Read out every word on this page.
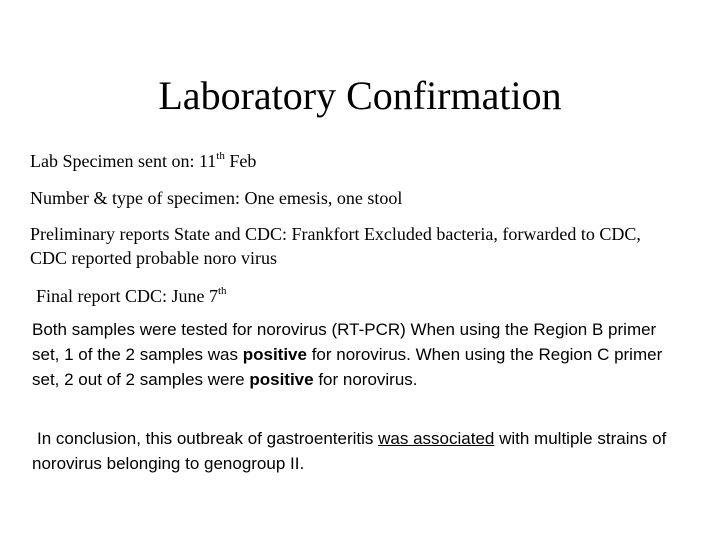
Laboratory Confirmation

Lab Specimen sent on: 11th Feb

Number & type of specimen: One emesis, one stool

Preliminary reports State and CDC: Frankfort Excluded bacteria, forwarded to CDC, CDC reported probable noro virus

Final report CDC: June 7th

Both samples were tested for norovirus (RT-PCR) When using the Region B primer set, 1 of the 2 samples was positive for norovirus. When using the Region C primer set, 2 out of 2 samples were positive for norovirus.

In conclusion, this outbreak of gastroenteritis was associated with multiple strains of norovirus belonging to genogroup II.
